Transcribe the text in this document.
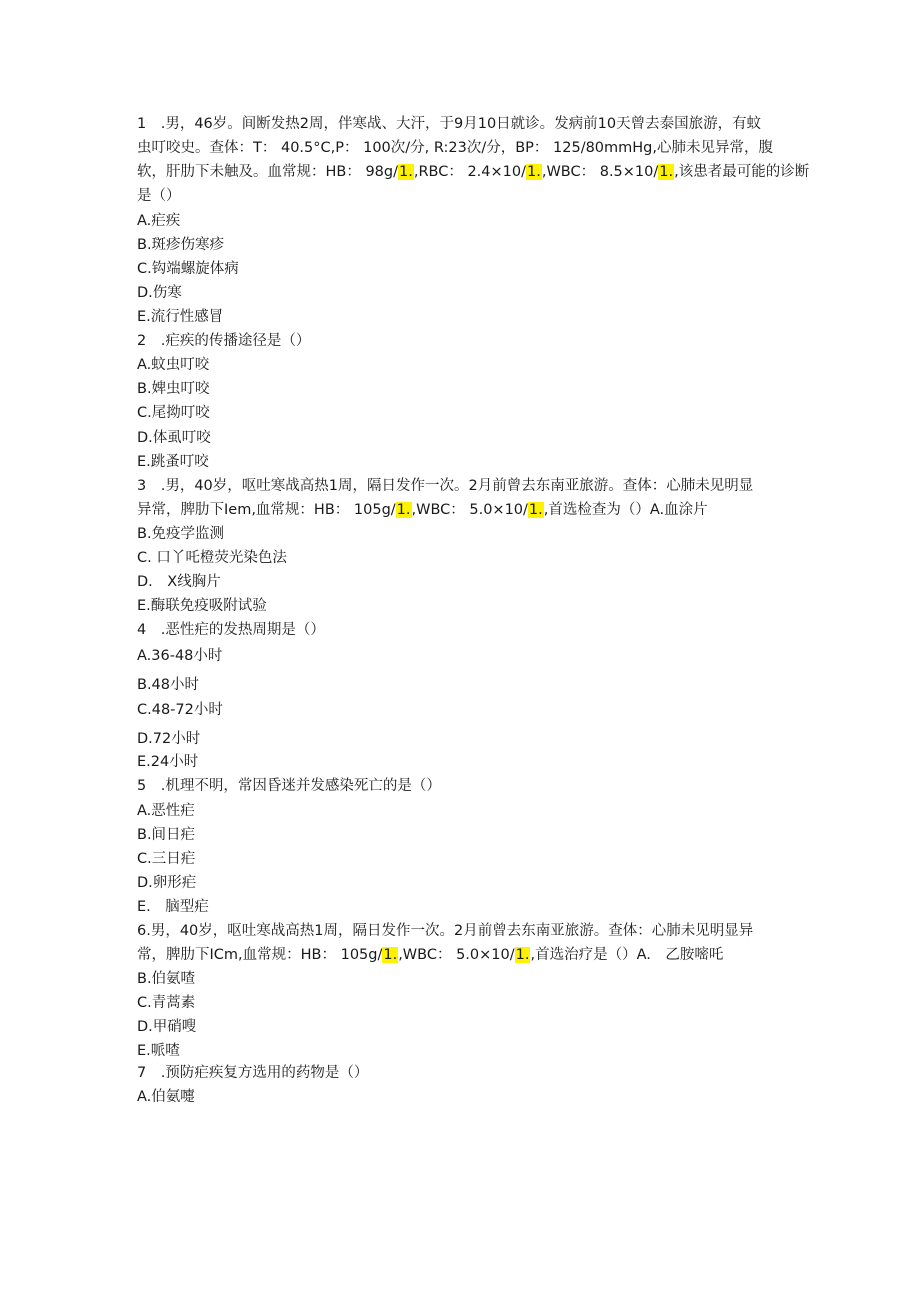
1　.男，46岁。间断发热2周，伴寒战、大汗，于9月10日就诊。发病前10天曾去泰国旅游，有蚊
虫叮咬史。查体：T： 40.5°C,P： 100次/分, R:23次/分，BP： 125/80mmHg,心肺未见异常，腹
软，肝肋下未触及。血常规：HB： 98g/1.,RBC： 2.4×10/1.,WBC： 8.5×10/1.,该患者最可能的诊断
是（）
A.疟疾
B.斑疹伤寒疹
C.钩端螺旋体病
D.伤寒
E.流行性感冒
2　.疟疾的传播途径是（）
A.蚊虫叮咬
B.婢虫叮咬
C.尾拗叮咬
D.体虱叮咬
E.跳蚤叮咬
3　.男，40岁，呕吐寒战高热1周，隔日发作一次。2月前曾去东南亚旅游。查体：心肺未见明显
异常，脾肋下Iem,血常规：HB： 105g/1.,WBC： 5.0×10/1.,首选检查为（）A.血涂片
B.免疫学监测
C. 口丫吒橙荧光染色法
D.　X线胸片
E.酶联免疫吸附试验
4　.恶性疟的发热周期是（）
A.36-48小时
B.48小时
C.48-72小时
D.72小时
E.24小时
5　.机理不明，常因昏迷并发感染死亡的是（）
A.恶性疟
B.间日疟
C.三日疟
D.卵形疟
E.　脑型疟
6.男，40岁，呕吐寒战高热1周，隔日发作一次。2月前曾去东南亚旅游。查体：心肺未见明显异
常，脾肋下ICm,血常规：HB： 105g/1.,WBC： 5.0×10/1.,首选治疗是（）A.　乙胺嘧吒
B.伯氨喳
C.青蒿素
D.甲硝嗖
E.哌喳
7　.预防疟疾复方选用的药物是（）
A.伯氨嚏
